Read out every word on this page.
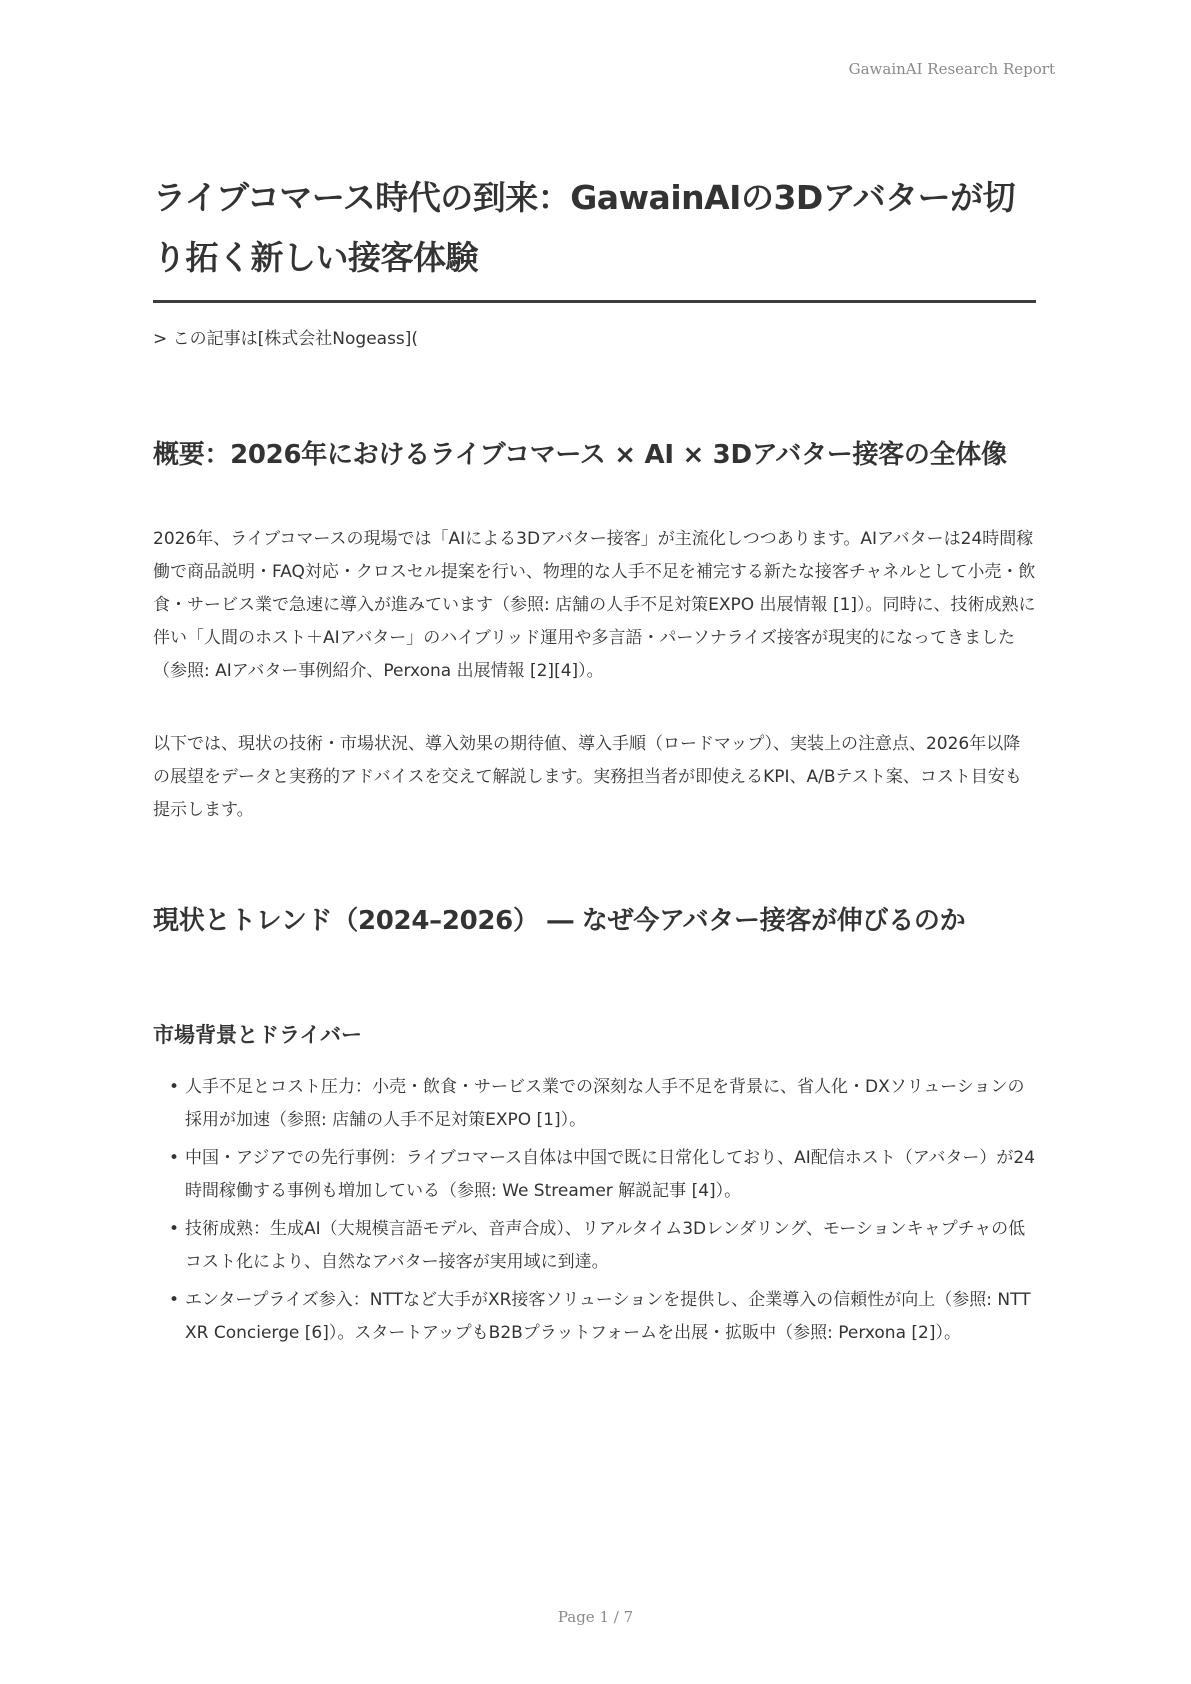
GawainAI Research Report
ライブコマース時代の到来：GawainAIの3Dアバターが切り拓く新しい接客体験
> この記事は[株式会社Nogeass](
概要：2026年におけるライブコマース × AI × 3Dアバター接客の全体像

2026年、ライブコマースの現場では「AIによる3Dアバター接客」が主流化しつつあります。AIアバターは24時間稼働で商品説明・FAQ対応・クロスセル提案を行い、物理的な人手不足を補完する新たな接客チャネルとして小売・飲食・サービス業で急速に導入が進みています（参照: 店舗の人手不足対策EXPO 出展情報 [1]）。同時に、技術成熟に伴い「人間のホスト＋AIアバター」のハイブリッド運用や多言語・パーソナライズ接客が現実的になってきました（参照: AIアバター事例紹介、Perxona 出展情報 [2][4]）。

以下では、現状の技術・市場状況、導入効果の期待値、導入手順（ロードマップ）、実装上の注意点、2026年以降の展望をデータと実務的アドバイスを交えて解説します。実務担当者が即使えるKPI、A/Bテスト案、コスト目安も提示します。

現状とトレンド（2024–2026） ― なぜ今アバター接客が伸びるのか
市場背景とドライバー
• 人手不足とコスト圧力：小売・飲食・サービス業での深刻な人手不足を背景に、省人化・DXソリューションの採用が加速（参照: 店舗の人手不足対策EXPO [1]）。
• 中国・アジアでの先行事例：ライブコマース自体は中国で既に日常化しており、AI配信ホスト（アバター）が24時間稼働する事例も増加している（参照: We Streamer 解説記事 [4]）。
• 技術成熟：生成AI（大規模言語モデル、音声合成）、リアルタイム3Dレンダリング、モーションキャプチャの低コスト化により、自然なアバター接客が実用域に到達。
• エンタープライズ参入：NTTなど大手がXR接客ソリューションを提供し、企業導入の信頼性が向上（参照: NTT XR Concierge [6]）。スタートアップもB2Bプラットフォームを出展・拡販中（参照: Perxona [2]）。
Page 1 / 7
